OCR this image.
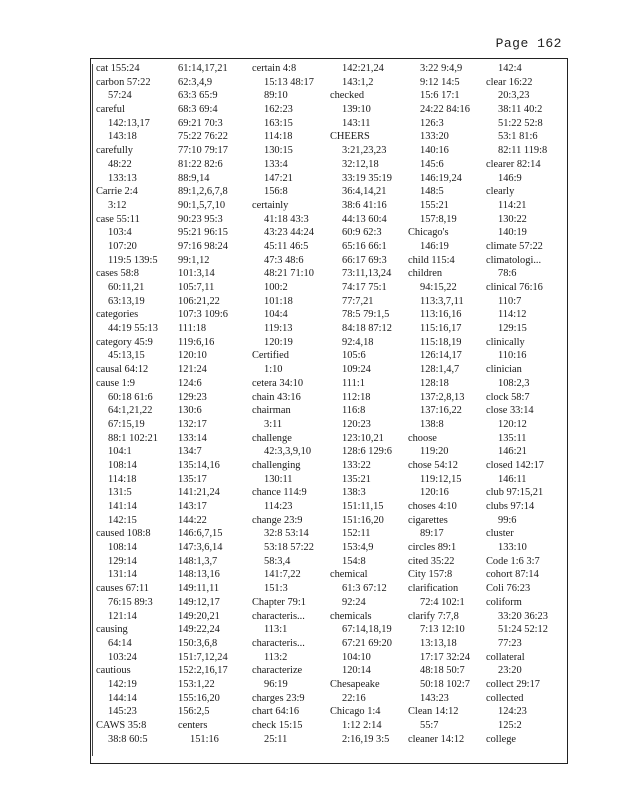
Page 162
cat 155:24
carbon 57:22
57:24
careful
142:13,17
143:18
carefully
48:22
133:13
Carrie 2:4
3:12
case 55:11
103:4
107:20
119:5 139:5
cases 58:8
60:11,21
63:13,19
categories
44:19 55:13
category 45:9
45:13,15
causal 64:12
cause 1:9
60:18 61:6
64:1,21,22
67:15,19
88:1 102:21
104:1
108:14
114:18
131:5
141:14
142:15
caused 108:8
108:14
129:14
131:14
causes 67:11
76:15 89:3
121:14
causing
64:14
103:24
cautious
142:19
144:14
145:23
CAWS 35:8
38:8 60:5
61:14,17,21
62:3,4,9
63:3 65:9
68:3 69:4
69:21 70:3
75:22 76:22
77:10 79:17
81:22 82:6
88:9,14
89:1,2,6,7,8
90:1,5,7,10
90:23 95:3
95:21 96:15
97:16 98:24
99:1,12
101:3,14
105:7,11
106:21,22
107:3 109:6
111:18
119:6,16
120:10
121:24
124:6
129:23
130:6
132:17
133:14
134:7
135:14,16
135:17
141:21,24
143:17
144:22
146:6,7,15
147:3,6,14
148:1,3,7
148:13,16
149:11,11
149:12,17
149:20,21
149:22,24
150:3,6,8
151:7,12,24
152:2,16,17
153:1,22
155:16,20
156:2,5
centers
151:16
certain 4:8
15:13 48:17
89:10
162:23
163:15
114:18
130:15
133:4
147:21
156:8
certainly
41:18 43:3
43:23 44:24
45:11 46:5
47:3 48:6
48:21 71:10
100:2
101:18
104:4
119:13
120:19
Certified
1:10
cetera 34:10
chain 43:16
chairman
3:11
challenge
42:3,3,9,10
challenging
130:11
chance 114:9
114:23
change 23:9
32:8 53:14
53:18 57:22
58:3,4
141:7,22
151:3
Chapter 79:1
characteris...
113:1
characteris...
113:2
characterize
96:19
charges 23:9
chart 64:16
check 15:15
25:11
142:21,24
143:1,2
checked
139:10
143:11
CHEERS
3:21,23,23
32:12,18
33:19 35:19
36:4,14,21
38:6 41:16
44:13 60:4
60:9 62:3
65:16 66:1
66:17 69:3
73:11,13,24
74:17 75:1
77:7,21
78:5 79:1,5
84:18 87:12
92:4,18
105:6
109:24
111:1
112:18
116:8
120:23
123:10,21
128:6 129:6
133:22
135:21
138:3
151:11,15
151:16,20
152:11
153:4,9
154:8
chemical
61:3 67:12
92:24
chemicals
67:14,18,19
67:21 69:20
104:10
120:14
Chesapeake
22:16
Chicago 1:4
1:12 2:14
2:16,19 3:5
3:22 9:4,9
9:12 14:5
15:6 17:1
24:22 84:16
126:3
133:20
140:16
145:6
146:19,24
148:5
155:21
157:8,19
Chicago's
146:19
child 115:4
children
94:15,22
113:3,7,11
113:16,16
115:16,17
115:18,19
126:14,17
128:1,4,7
128:18
137:2,8,13
137:16,22
138:8
choose
119:20
chose 54:12
119:12,15
120:16
choses 4:10
cigarettes
89:17
circles 89:1
cited 35:22
City 157:8
clarification
72:4 102:1
clarify 7:7,8
7:13 12:10
13:13,18
17:17 32:24
48:18 50:7
50:18 102:7
143:23
Clean 14:12
55:7
cleaner 14:12
142:4
clear 16:22
20:3,23
38:11 40:2
51:22 52:8
53:1 81:6
82:11 119:8
clearer 82:14
146:9
clearly
114:21
130:22
140:19
climate 57:22
climatologi...
78:6
clinical 76:16
110:7
114:12
129:15
clinically
110:16
clinician
108:2,3
clock 58:7
close 33:14
120:12
135:11
146:21
closed 142:17
146:11
club 97:15,21
clubs 97:14
99:6
cluster
133:10
Code 1:6 3:7
cohort 87:14
Coli 76:23
coliform
33:20 36:23
51:24 52:12
77:23
collateral
23:20
collect 29:17
collected
124:23
125:2
college
